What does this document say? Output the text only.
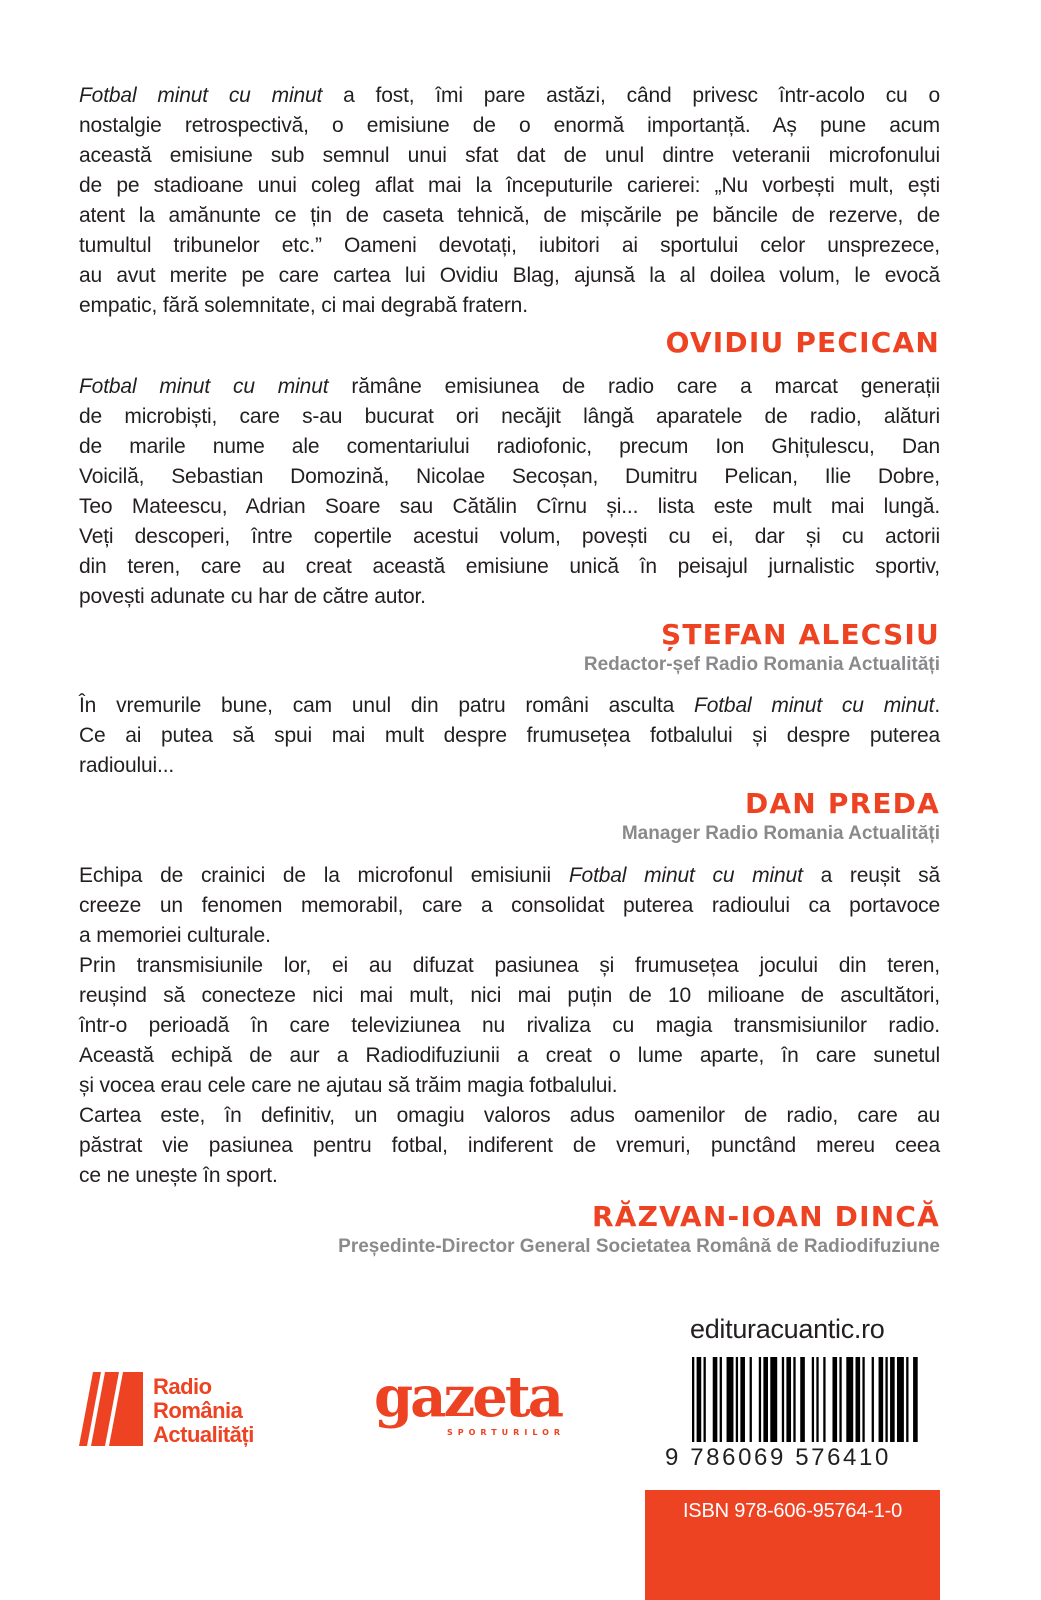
Fotbal minut cu minut a fost, îmi pare astăzi, când privesc într-acolo cu o
nostalgie retrospectivă, o emisiune de o enormă importanță. Aș pune acum
această emisiune sub semnul unui sfat dat de unul dintre veteranii microfonului
de pe stadioane unui coleg aflat mai la începuturile carierei: „Nu vorbești mult, ești
atent la amănunte ce țin de caseta tehnică, de mișcările pe băncile de rezerve, de
tumultul tribunelor etc.” Oameni devotați, iubitori ai sportului celor unsprezece,
au avut merite pe care cartea lui Ovidiu Blag, ajunsă la al doilea volum, le evocă
empatic, fără solemnitate, ci mai degrabă fratern.
OVIDIU PECICAN
Fotbal minut cu minut rămâne emisiunea de radio care a marcat generații
de microbiști, care s-au bucurat ori necăjit lângă aparatele de radio, alături
de marile nume ale comentariului radiofonic, precum Ion Ghițulescu, Dan
Voicilă, Sebastian Domozină, Nicolae Secoșan, Dumitru Pelican, Ilie Dobre,
Teo Mateescu, Adrian Soare sau Cătălin Cîrnu și... lista este mult mai lungă.
Veți descoperi, între copertile acestui volum, povești cu ei, dar și cu actorii
din teren, care au creat această emisiune unică în peisajul jurnalistic sportiv,
povești adunate cu har de către autor.
ȘTEFAN ALECSIU
Redactor-șef Radio Romania Actualități
În vremurile bune, cam unul din patru români asculta Fotbal minut cu minut.
Ce ai putea să spui mai mult despre frumusețea fotbalului și despre puterea
radioului...
DAN PREDA
Manager Radio Romania Actualități
Echipa de crainici de la microfonul emisiunii Fotbal minut cu minut a reușit să
creeze un fenomen memorabil, care a consolidat puterea radioului ca portavoce
a memoriei culturale.
Prin transmisiunile lor, ei au difuzat pasiunea și frumusețea jocului din teren,
reușind să conecteze nici mai mult, nici mai puțin de 10 milioane de ascultători,
într-o perioadă în care televiziunea nu rivaliza cu magia transmisiunilor radio.
Această echipă de aur a Radiodifuziunii a creat o lume aparte, în care sunetul
și vocea erau cele care ne ajutau să trăim magia fotbalului.
Cartea este, în definitiv, un omagiu valoros adus oamenilor de radio, care au
păstrat vie pasiunea pentru fotbal, indiferent de vremuri, punctând mereu ceea
ce ne unește în sport.
RĂZVAN-IOAN DINCĂ
Președinte-Director General Societatea Română de Radiodifuziune
Radio
România
Actualități
gazeta
SPORTURILOR
edituracuantic.ro
9 786069 576410
ISBN 978-606-95764-1-0
